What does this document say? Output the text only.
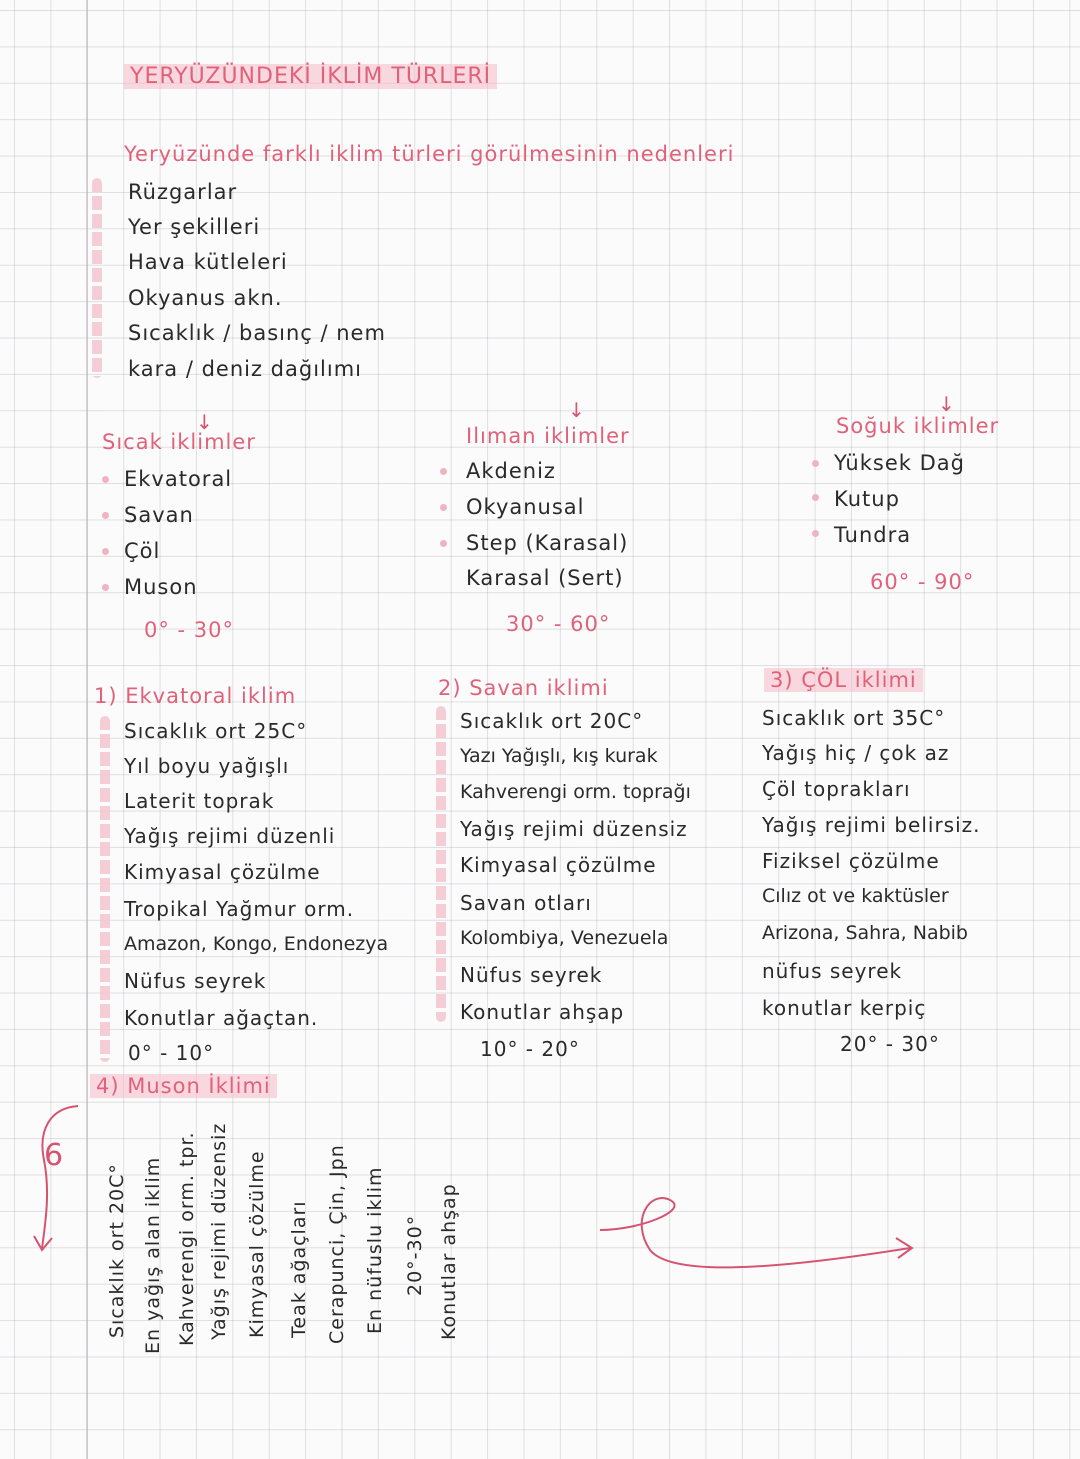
YERYÜZÜNDEKİ İKLİM TÜRLERİ
Yeryüzünde farklı iklim türleri görülmesinin nedenleri
Rüzgarlar
Yer şekilleri
Hava kütleleri
Okyanus akn.
Sıcaklık / basınç / nem
kara / deniz dağılımı
↓	↓	↓
Sıcak iklimler
Ekvatoral
Savan
Çöl
Muson
0° - 30°
Ilıman iklimler
Akdeniz
Okyanusal
Step (Karasal)
Karasal (Sert)
30° - 60°
Soğuk iklimler
Yüksek Dağ
Kutup
Tundra
60° - 90°
1) Ekvatoral iklim
Sıcaklık ort 25C°
Yıl boyu yağışlı
Laterit toprak
Yağış rejimi düzenli
Kimyasal çözülme
Tropikal Yağmur orm.
Amazon, Kongo, Endonezya
Nüfus seyrek
Konutlar ağaçtan.
0° - 10°
2) Savan iklimi
Sıcaklık ort 20C°
Yazı Yağışlı, kış kurak
Kahverengi orm. toprağı
Yağış rejimi düzensiz
Kimyasal çözülme
Savan otları
Kolombiya, Venezuela
Nüfus seyrek
Konutlar ahşap
10° - 20°
3) ÇÖL iklimi
Sıcaklık ort 35C°
Yağış hiç / çok az
Çöl toprakları
Yağış rejimi belirsiz.
Fiziksel çözülme
Cılız ot ve kaktüsler
Arizona, Sahra, Nabib
nüfus seyrek
konutlar kerpiç
20° - 30°
4) Muson İklimi
6
Sıcaklık ort 20C° En yağış alan iklim Kahverengi orm. tpr. Yağış rejimi düzensiz Kimyasal çözülme Teak ağaçları Cerapunci, Çin, Jpn En nüfuslu iklim 20°-30° Konutlar ahşap
